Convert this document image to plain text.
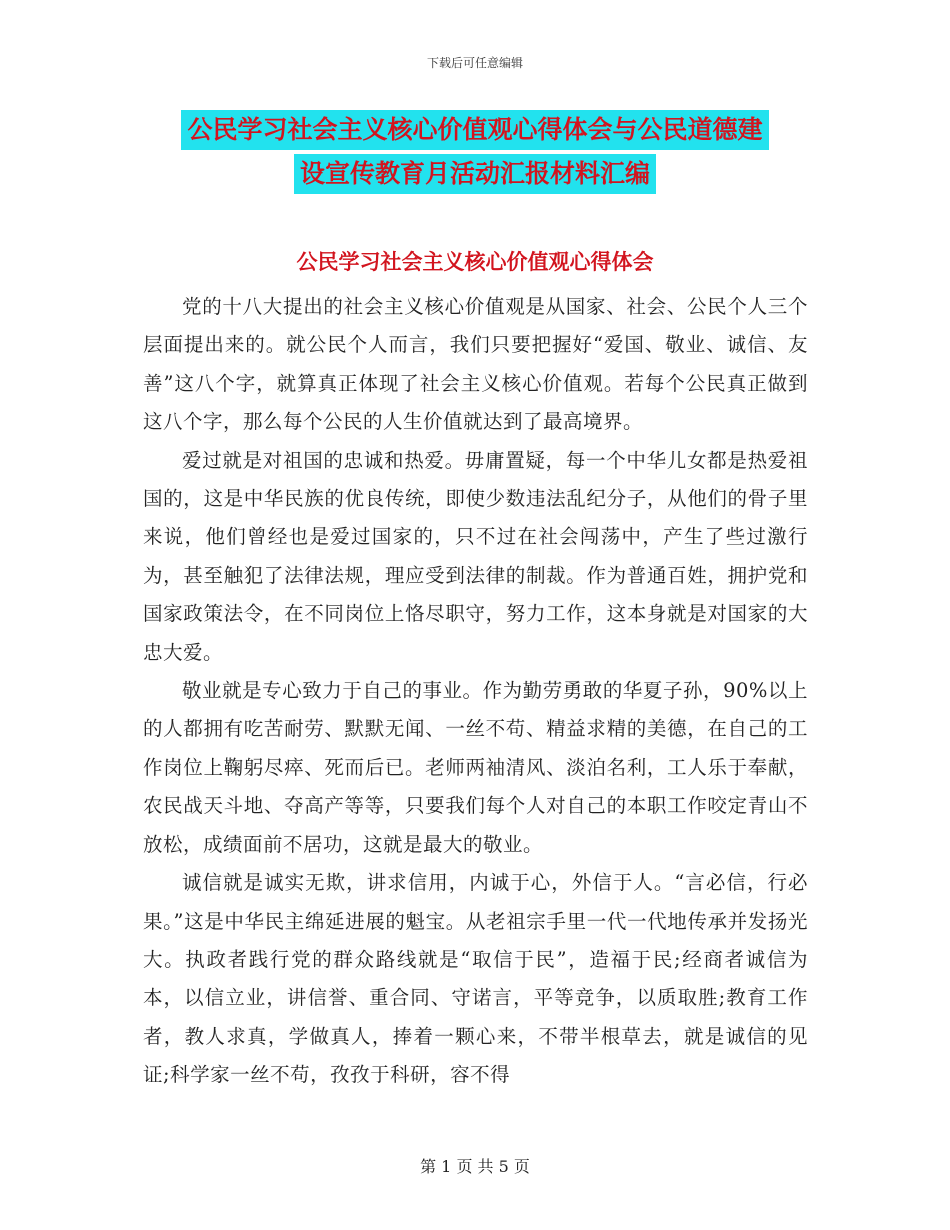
下载后可任意编辑
公民学习社会主义核心价值观心得体会与公民道德建
设宣传教育月活动汇报材料汇编
公民学习社会主义核心价值观心得体会

党的十八大提出的社会主义核心价值观是从国家、社会、公民个人三个层面提出来的。就公民个人而言，我们只要把握好“爱国、敬业、诚信、友善”这八个字，就算真正体现了社会主义核心价值观。若每个公民真正做到这八个字，那么每个公民的人生价值就达到了最高境界。

爱过就是对祖国的忠诚和热爱。毋庸置疑，每一个中华儿女都是热爱祖国的，这是中华民族的优良传统，即使少数违法乱纪分子，从他们的骨子里来说，他们曾经也是爱过国家的，只不过在社会闯荡中，产生了些过激行为，甚至触犯了法律法规，理应受到法律的制裁。作为普通百姓，拥护党和国家政策法令，在不同岗位上恪尽职守，努力工作，这本身就是对国家的大忠大爱。

敬业就是专心致力于自己的事业。作为勤劳勇敢的华夏子孙，90%以上的人都拥有吃苦耐劳、默默无闻、一丝不苟、精益求精的美德，在自己的工作岗位上鞠躬尽瘁、死而后已。老师两袖清风、淡泊名利，工人乐于奉献，农民战天斗地、夺高产等等，只要我们每个人对自己的本职工作咬定青山不放松，成绩面前不居功，这就是最大的敬业。

诚信就是诚实无欺，讲求信用，内诚于心，外信于人。“言必信，行必果。”这是中华民主绵延进展的魁宝。从老祖宗手里一代一代地传承并发扬光大。执政者践行党的群众路线就是“取信于民”，造福于民;经商者诚信为本，以信立业，讲信誉、重合同、守诺言，平等竞争，以质取胜;教育工作者，教人求真，学做真人，捧着一颗心来，不带半根草去，就是诚信的见证;科学家一丝不苟，孜孜于科研，容不得

第 1 页 共 5 页
